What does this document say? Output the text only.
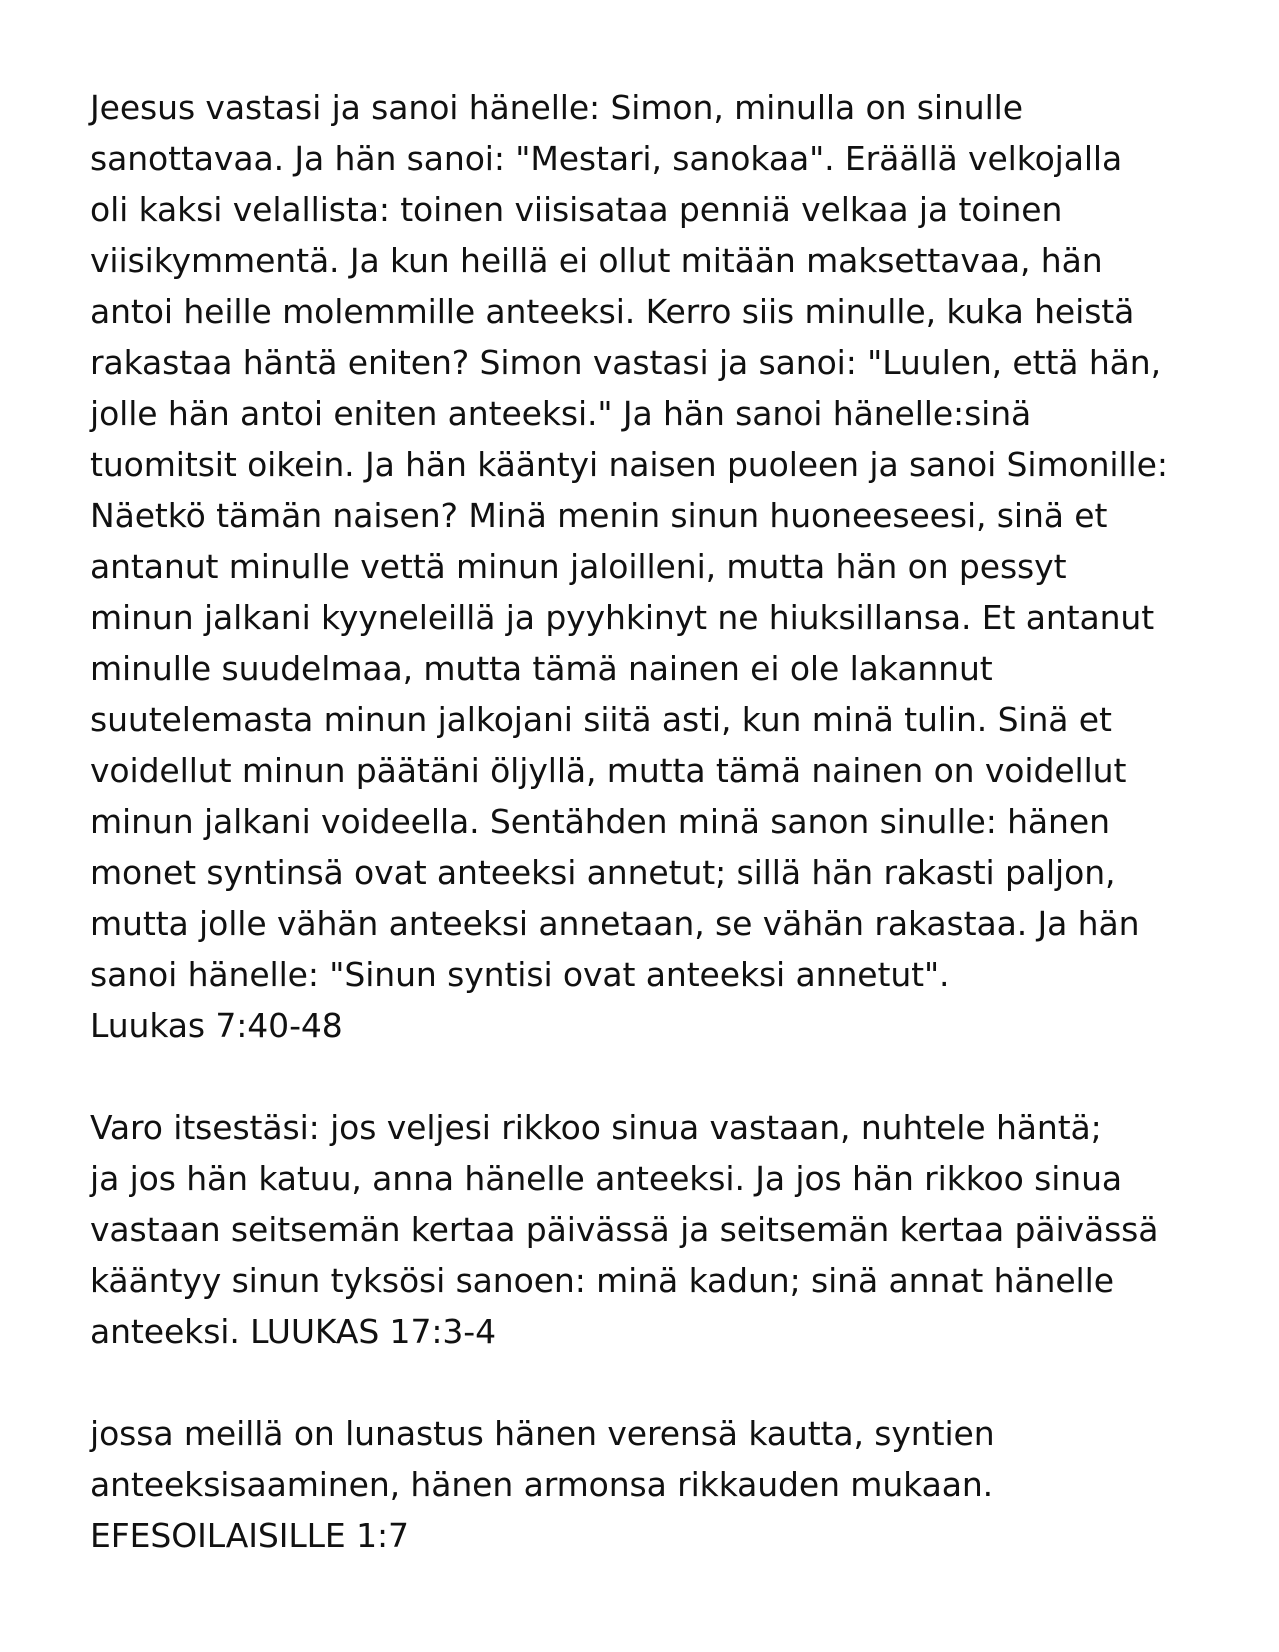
Jeesus vastasi ja sanoi hänelle: Simon, minulla on sinulle
sanottavaa. Ja hän sanoi: "Mestari, sanokaa". Eräällä velkojalla
oli kaksi velallista: toinen viisisataa penniä velkaa ja toinen
viisikymmentä. Ja kun heillä ei ollut mitään maksettavaa, hän
antoi heille molemmille anteeksi. Kerro siis minulle, kuka heistä
rakastaa häntä eniten? Simon vastasi ja sanoi: "Luulen, että hän,
jolle hän antoi eniten anteeksi." Ja hän sanoi hänelle:sinä
tuomitsit oikein. Ja hän kääntyi naisen puoleen ja sanoi Simonille:
Näetkö tämän naisen? Minä menin sinun huoneeseesi, sinä et
antanut minulle vettä minun jaloilleni, mutta hän on pessyt
minun jalkani kyyneleillä ja pyyhkinyt ne hiuksillansa. Et antanut
minulle suudelmaa, mutta tämä nainen ei ole lakannut
suutelemasta minun jalkojani siitä asti, kun minä tulin. Sinä et
voidellut minun päätäni öljyllä, mutta tämä nainen on voidellut
minun jalkani voideella. Sentähden minä sanon sinulle: hänen
monet syntinsä ovat anteeksi annetut; sillä hän rakasti paljon,
mutta jolle vähän anteeksi annetaan, se vähän rakastaa. Ja hän
sanoi hänelle: "Sinun syntisi ovat anteeksi annetut".
Luukas 7:40-48
Varo itsestäsi: jos veljesi rikkoo sinua vastaan, nuhtele häntä;
ja jos hän katuu, anna hänelle anteeksi. Ja jos hän rikkoo sinua
vastaan seitsemän kertaa päivässä ja seitsemän kertaa päivässä
kääntyy sinun tyksösi sanoen: minä kadun; sinä annat hänelle
anteeksi. LUUKAS 17:3-4
jossa meillä on lunastus hänen verensä kautta, syntien
anteeksisaaminen, hänen armonsa rikkauden mukaan.
EFESOILAISILLE 1:7
